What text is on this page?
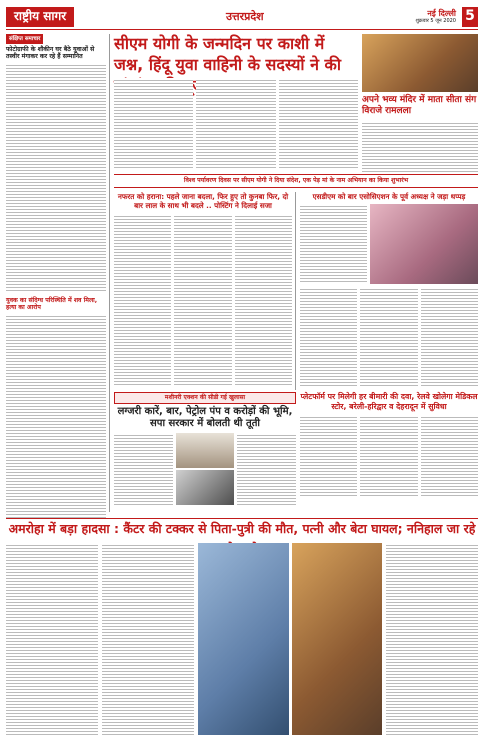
राष्ट्रीय सागर	उत्तरप्रदेश	नई दिल्ली
शुक्रवार 5 जून 2020 5
संक्षिप्त समाचार
फोटोग्राफी के शौकीन घर बैठे युवाओं से तस्वीर मंगाकर कर रहे हैं सम्मानित
युवक का संदिग्ध परिस्थिति में शव मिला, हत्या का आरोप
सीएम योगी के जन्मदिन पर काशी में जश्न, हिंदू युवा वाहिनी के सदस्यों ने की
अपने भव्य मंदिर में माता सीता संग विराजे रामलला
विश्व पर्यावरण दिवस पर सीएम योगी ने दिया संदेश, एक पेड़ मां के नाम अभियान का किया शुभारंभ
नफरत को हराना: पहले जाना बदला, फिर हुए तो कुनबा फिर, दो बार लाल के साथ भी बदले .. पोस्टिंग ने दिलाई सजा
एसडीएम को बार एसोसिएशन के पूर्व अध्यक्ष ने जड़ा थप्पड़
मशीनरी एक्शन की सीडी गई खुलासा
लग्जरी कारें, बार, पेट्रोल पंप व करोड़ों की भूमि, सपा सरकार में बोलती थी तूती
प्लेटफॉर्म पर मिलेगी हर बीमारी की दवा, रेलवे खोलेगा मेडिकल स्टोर, बरेली-हरिद्वार व देहरादून में सुविधा
अमरोहा में बड़ा हादसा : कैंटर की टक्कर से पिता-पुत्री की मौत, पत्नी और बेटा घायल; ननिहाल जा रहे
